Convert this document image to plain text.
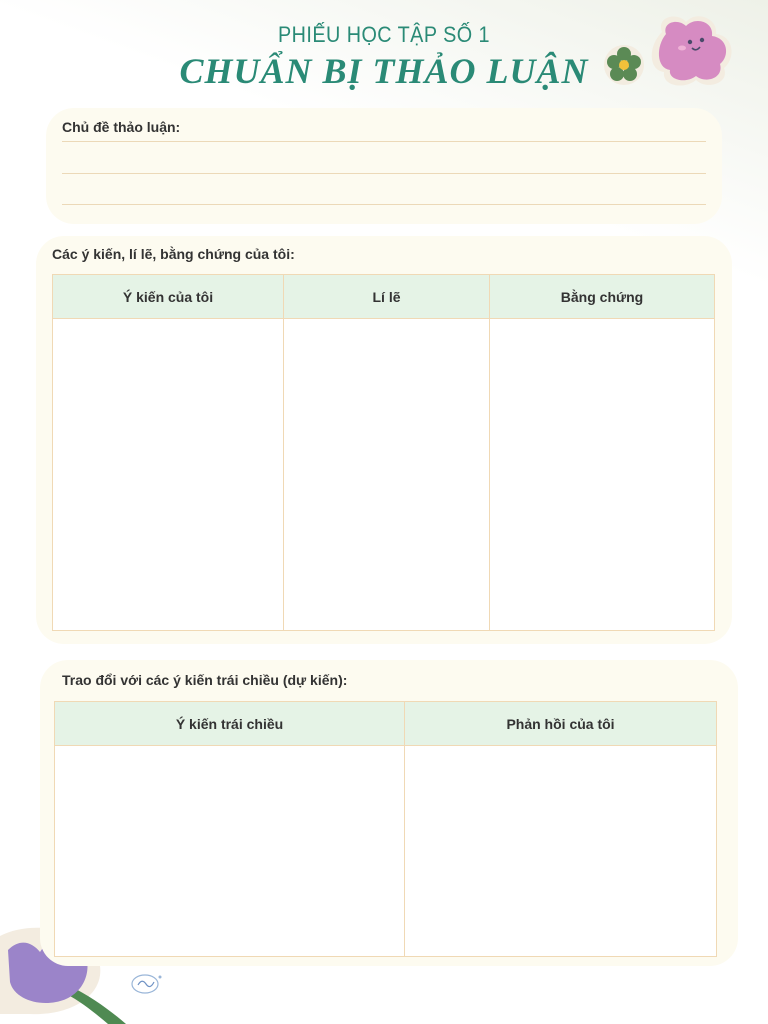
PHIẾU HỌC TẬP SỐ 1
CHUẨN BỊ THẢO LUẬN
Chủ đề thảo luận:
Các ý kiến, lí lẽ, bằng chứng của tôi:
Ý kiến của tôi	Lí lẽ	Bằng chứng

Trao đổi với các ý kiến trái chiều (dự kiến):
Ý kiến trái chiều	Phản hồi của tôi
